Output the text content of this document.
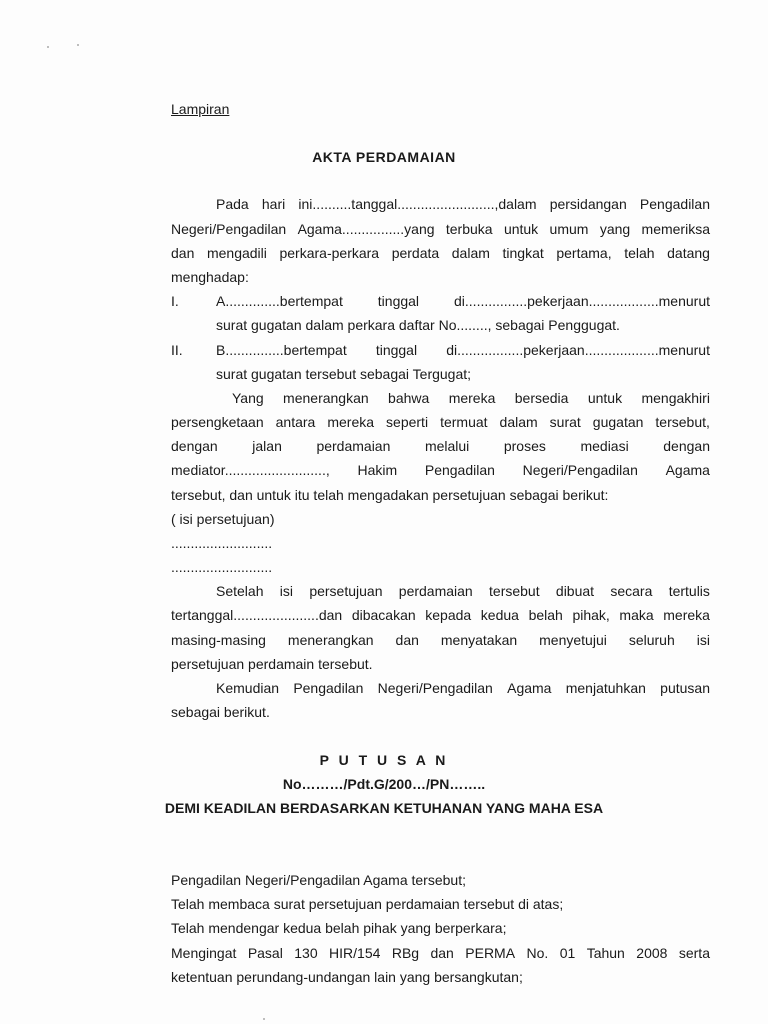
Lampiran
AKTA PERDAMAIAN
Pada hari ini..........tanggal.........................,dalam persidangan Pengadilan
Negeri/Pengadilan Agama................yang terbuka untuk umum yang memeriksa
dan mengadili perkara-perkara perdata dalam tingkat pertama, telah datang
menghadap:
I.	A..............bertempat tinggal di................pekerjaan..................menurut
surat gugatan dalam perkara daftar No........, sebagai Penggugat.
II. B...............bertempat tinggal di.................pekerjaan...................menurut
surat gugatan tersebut sebagai Tergugat;
Yang menerangkan bahwa mereka bersedia untuk mengakhiri
persengketaan antara mereka seperti termuat dalam surat gugatan tersebut,
dengan jalan perdamaian melalui proses mediasi dengan
mediator.........................., Hakim Pengadilan Negeri/Pengadilan Agama
tersebut, dan untuk itu telah mengadakan persetujuan sebagai berikut:
( isi persetujuan)
..........................
..........................
Setelah isi persetujuan perdamaian tersebut dibuat secara tertulis
tertanggal......................dan dibacakan kepada kedua belah pihak, maka mereka
masing-masing menerangkan dan menyatakan menyetujui seluruh isi
persetujuan perdamain tersebut.
Kemudian Pengadilan Negeri/Pengadilan Agama menjatuhkan putusan
sebagai berikut.
P U T U S A N
No………/Pdt.G/200…/PN……..
DEMI KEADILAN BERDASARKAN KETUHANAN YANG MAHA ESA
Pengadilan Negeri/Pengadilan Agama tersebut;
Telah membaca surat persetujuan perdamaian tersebut di atas;
Telah mendengar kedua belah pihak yang berperkara;
Mengingat Pasal 130 HIR/154 RBg dan PERMA No. 01 Tahun 2008 serta
ketentuan perundang-undangan lain yang bersangkutan;
